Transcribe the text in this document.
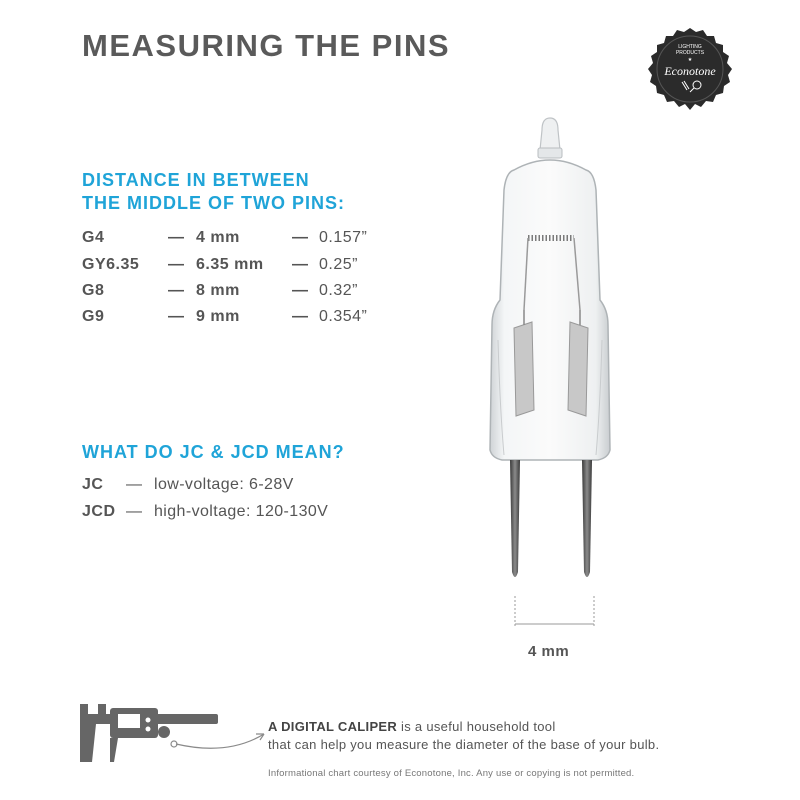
MEASURING THE PINS	LIGHTING
PRODUCTS
★
Econotone
DISTANCE IN BETWEEN
THE MIDDLE OF TWO PINS:
G4	— 4 mm	— 0.157”
GY6.35 — 6.35 mm — 0.25”
G8	— 8 mm	— 0.32”
G9	— 9 mm	— 0.354”
WHAT DO JC & JCD MEAN?
JC — low-voltage: 6-28V
JCD — high-voltage: 120-130V
4 mm
A DIGITAL CALIPER is a useful household tool
that can help you measure the diameter of the base of your bulb.
Informational chart courtesy of Econotone, Inc. Any use or copying is not permitted.
